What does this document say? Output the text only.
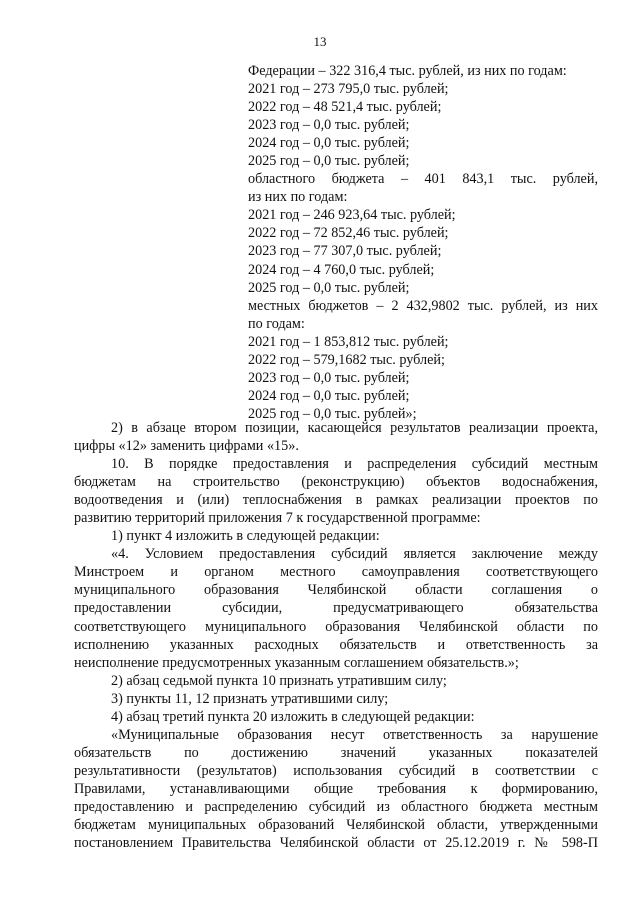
13
Федерации – 322 316,4 тыс. рублей, из них по годам:
2021 год – 273 795,0 тыс. рублей;
2022 год – 48 521,4 тыс. рублей;
2023 год – 0,0 тыс. рублей;
2024 год – 0,0 тыс. рублей;
2025 год – 0,0 тыс. рублей;
областного бюджета – 401 843,1 тыс. рублей,
из них по годам:
2021 год – 246 923,64 тыс. рублей;
2022 год – 72 852,46 тыс. рублей;
2023 год – 77 307,0 тыс. рублей;
2024 год – 4 760,0 тыс. рублей;
2025 год – 0,0 тыс. рублей;
местных бюджетов – 2 432,9802 тыс. рублей, из них
по годам:
2021 год – 1 853,812 тыс. рублей;
2022 год – 579,1682 тыс. рублей;
2023 год – 0,0 тыс. рублей;
2024 год – 0,0 тыс. рублей;
2025 год – 0,0 тыс. рублей»;
2) в абзаце втором позиции, касающейся результатов реализации проекта,
цифры «12» заменить цифрами «15».
10. В порядке предоставления и распределения субсидий местным
бюджетам на строительство (реконструкцию) объектов водоснабжения,
водоотведения и (или) теплоснабжения в рамках реализации проектов по
развитию территорий приложения 7 к государственной программе:
1) пункт 4 изложить в следующей редакции:
«4. Условием предоставления субсидий является заключение между
Минстроем и органом местного самоуправления соответствующего
муниципального образования Челябинской области соглашения о
предоставлении субсидии, предусматривающего обязательства
соответствующего муниципального образования Челябинской области по
исполнению указанных расходных обязательств и ответственность за
неисполнение предусмотренных указанным соглашением обязательств.»;
2) абзац седьмой пункта 10 признать утратившим силу;
3) пункты 11, 12 признать утратившими силу;
4) абзац третий пункта 20 изложить в следующей редакции:
«Муниципальные образования несут ответственность за нарушение
обязательств по достижению значений указанных показателей
результативности (результатов) использования субсидий в соответствии с
Правилами, устанавливающими общие требования к формированию,
предоставлению и распределению субсидий из областного бюджета местным
бюджетам муниципальных образований Челябинской области, утвержденными
постановлением Правительства Челябинской области от 25.12.2019 г. № 598-П
